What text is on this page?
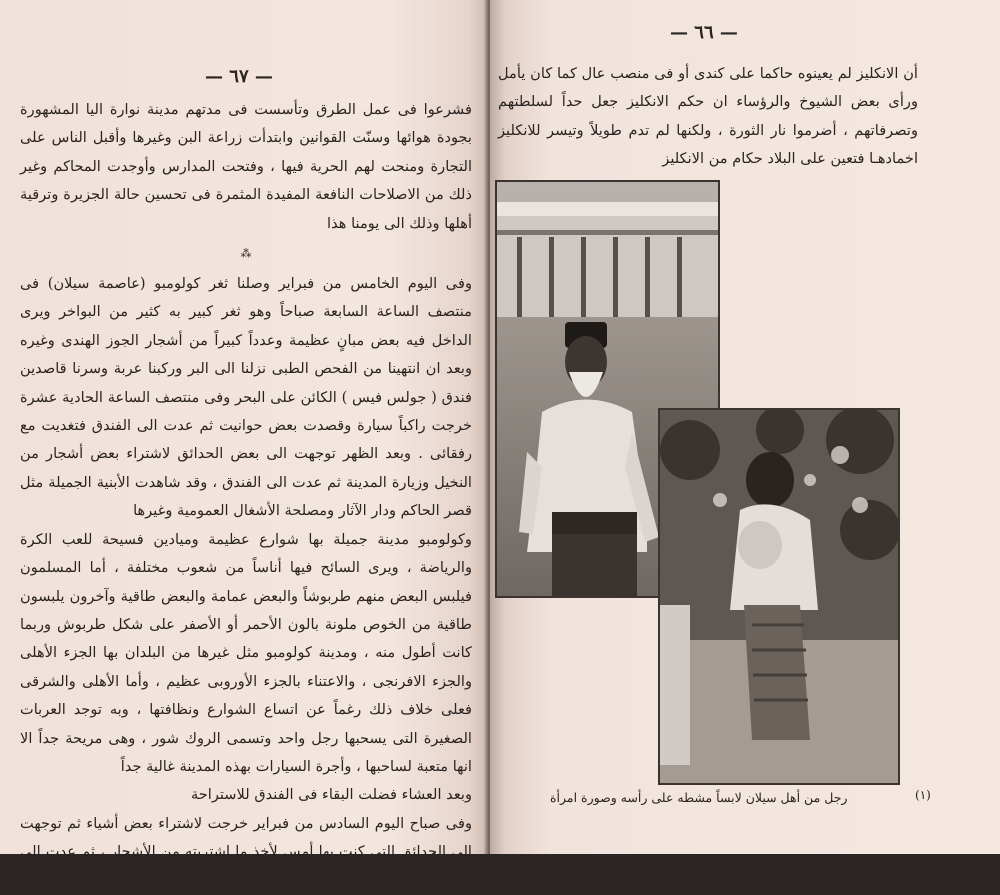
— ٦٧ —

فشرعوا فى عمل الطرق وتأسست فى مدتهم مدينة نوارة اليا المشهورة بجودة هوائها وسنّت القوانين وابتدأت زراعة البن وغيرها وأقبل الناس على التجارة ومنحت لهم الحرية فيها ، وفتحت المدارس وأوجدت المحاكم وغير ذلك من الاصلاحات النافعة المفيدة المثمرة فى تحسين حالة الجزيرة وترقية أهلها وذلك الى يومنا هذا

⁂

وفى اليوم الخامس من فبراير وصلنا ثغر كولومبو (عاصمة سيلان) فى منتصف الساعة السابعة صباحاً وهو ثغر كبير به كثير من البواخر ويرى الداخل فيه بعض مبانٍ عظيمة وعدداً كبيراً من أشجار الجوز الهندى وغيره وبعد ان انتهينا من الفحص الطبى نزلنا الى البر وركبنا عربة وسرنا قاصدين فندق ( جولس فيس ) الكائن على البحر وفى منتصف الساعة الحادية عشرة خرجت راكباً سيارة وقصدت بعض حوانيت ثم عدت الى الفندق فتغديت مع رفقائى . وبعد الظهر توجهت الى بعض الحدائق لاشتراء بعض أشجار من النخيل وزيارة المدينة ثم عدت الى الفندق ، وقد شاهدت الأبنية الجميلة مثل قصر الحاكم ودار الآثار ومصلحة الأشغال العمومية وغيرها

وكولومبو مدينة جميلة بها شوارع عظيمة وميادين فسيحة للعب الكرة والرياضة ، ويرى السائح فيها أناساً من شعوب مختلفة ، أما المسلمون فيلبس البعض منهم طربوشاً والبعض عمامة والبعض طاقية وآخرون يلبسون طاقية من الخوص ملونة بالون الأحمر أو الأصفر على شكل طربوش وربما كانت أطول منه ، ومدينة كولومبو مثل غيرها من البلدان بها الجزء الأهلى والجزء الافرنجى ، والاعتناء بالجزء الأوروبى عظيم ، وأما الأهلى والشرقى فعلى خلاف ذلك رغماً عن اتساع الشوارع ونظافتها ، وبه توجد العربات الصغيرة التى يسحبها رجل واحد وتسمى الروك شور ، وهى مريحة جداً الا انها متعبة لساحبها ، وأجرة السيارات بهذه المدينة غالية جداً

وبعد العشاء فضلت البقاء فى الفندق للاستراحة

وفى صباح اليوم السادس من فبراير خرجت لاشتراء بعض أشياء ثم توجهت الى الحدائق التى كنت بها أمس لأخذ ما اشتريته من الأشجار ، ثم عدت الى الفندق

— ٦٦ —

أن الانكليز لم يعينوه حاكما على كندى أو فى منصب عال كما كان يأمل ورأى بعض الشيوخ والرؤساء ان حكم الانكليز جعل حداً لسلطتهم وتصرفاتهم ، أضرموا نار الثورة ، ولكنها لم تدم طويلاً وتيسر للانكليز اخمادهـا فتعين على البلاد حكام من الانكليز

رجل من أهل سيلان لابساً مشطه على رأسه وصورة امرأة	(١)
